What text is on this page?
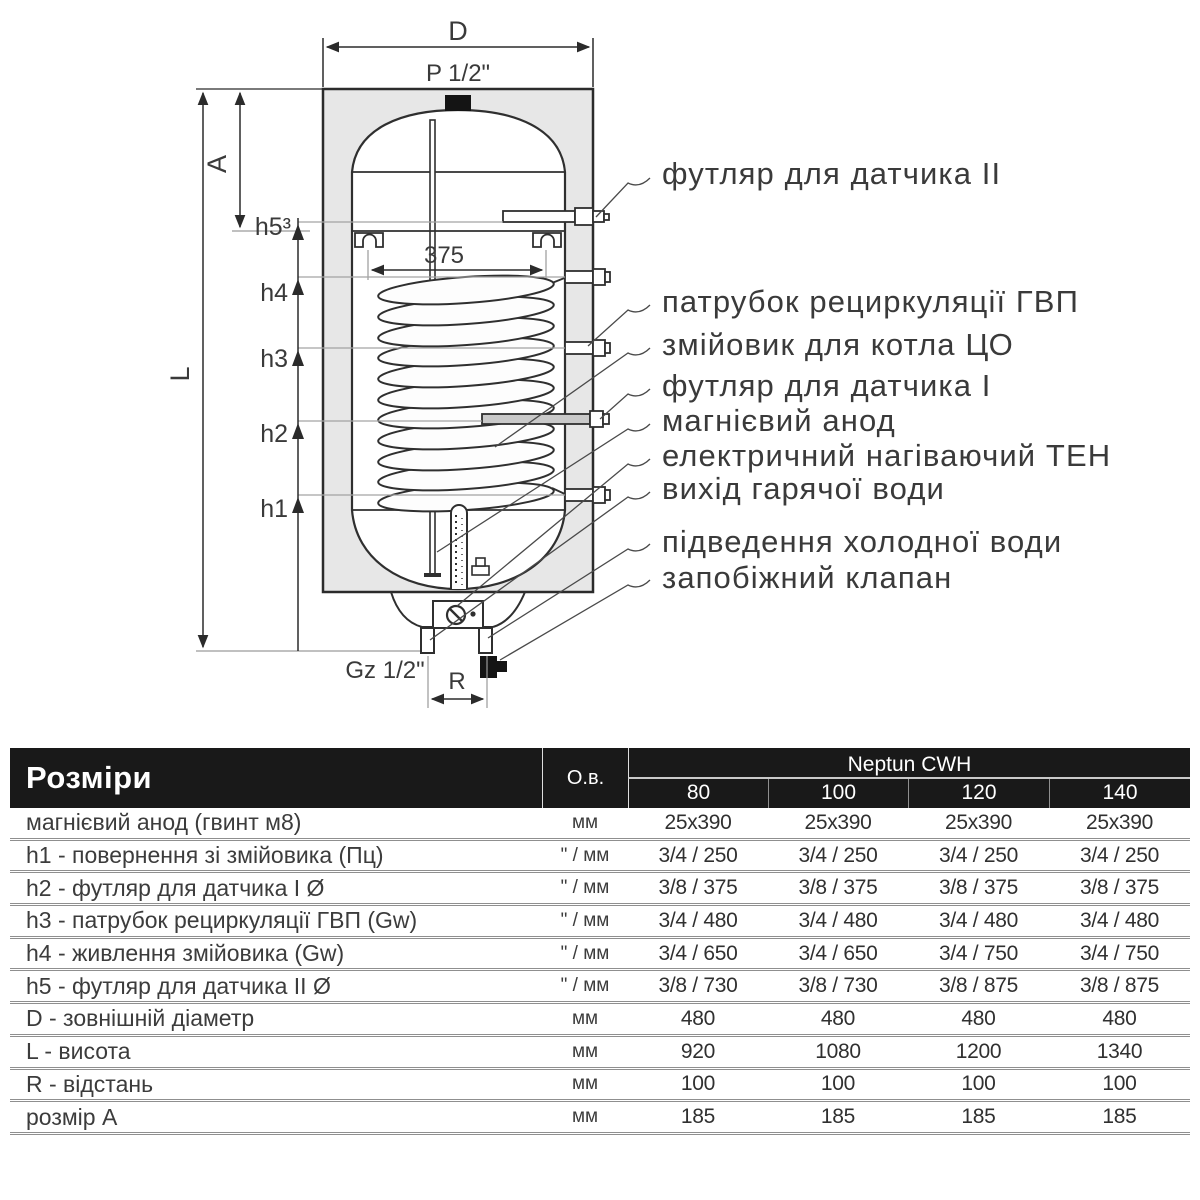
D
P 1/2"
L
A
375
h5³
h4
h3
h2
h1
Gz 1/2" R
футляр для датчика II
патрубок рециркуляції ГВП
змійовик для котла ЦО
футляр для датчика I
магнієвий анод
електричний нагіваючий ТЕН
вихід гарячої води
підведення холодної води
запобіжний клапан
Розміри	О.в.
Neptun CWH
80	100	120	140
магнієвий анод (гвинт м8)	мм	25x390	25x390	25x390	25x390
h1 - повернення зі змійовика (Пц)	" / мм	3/4 / 250	3/4 / 250	3/4 / 250	3/4 / 250
h2 - футляр для датчика I Ø	" / мм	3/8 / 375	3/8 / 375	3/8 / 375	3/8 / 375
h3 - патрубок рециркуляції ГВП (Gw)	" / мм	3/4 / 480	3/4 / 480	3/4 / 480	3/4 / 480
h4 - живлення змійовика (Gw)	" / мм	3/4 / 650	3/4 / 650	3/4 / 750	3/4 / 750
h5 - футляр для датчика II Ø	" / мм	3/8 / 730	3/8 / 730	3/8 / 875	3/8 / 875
D - зовнішній діаметр	мм	480	480	480	480
L - висота	мм	920	1080	1200	1340
R - відстань	мм	100	100	100	100
розмір А	мм	185	185	185	185
